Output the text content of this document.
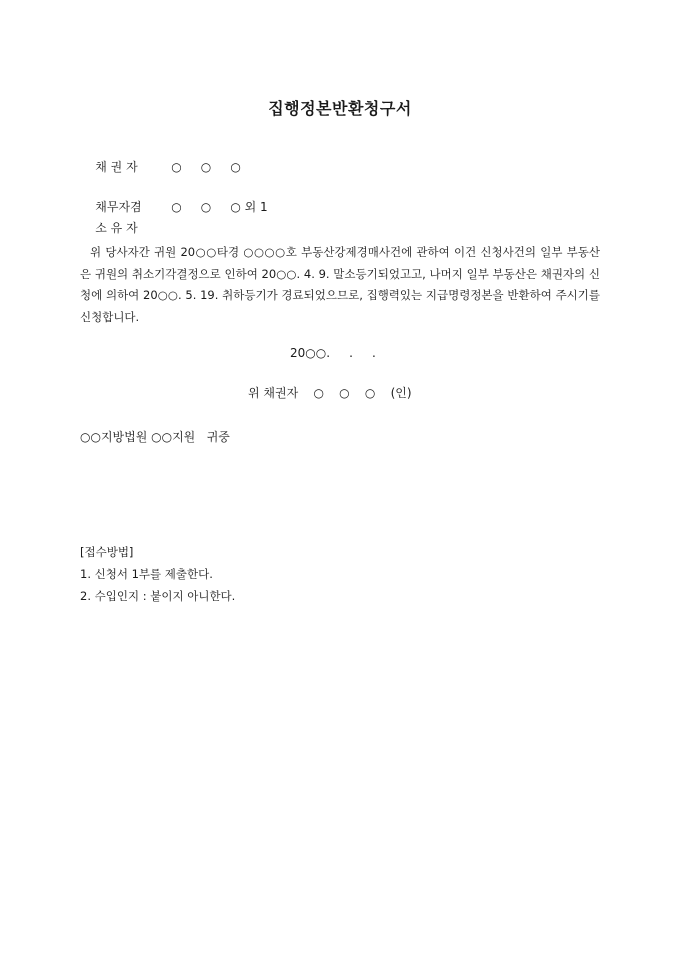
집행정본반환청구서

채 권 자	○     ○     ○

채무자겸 ○     ○     ○ 외 1

소 유 자

위 당사자간 귀원 20○○타경 ○○○○호 부동산강제경매사건에 관하여 이건 신청사건의 일부 부동산은 귀원의 취소기각결정으로 인하여 20○○. 4. 9. 말소등기되었고고, 나머지 일부 부동산은 채권자의 신청에 의하여 20○○. 5. 19. 취하등기가 경료되었으므로, 집행력있는 지급명령정본을 반환하여 주시기를 신청합니다.
20○○.     .     .
위 채권자    ○    ○    ○    (인)
○○지방법원 ○○지원   귀중
[접수방법]
1. 신청서 1부를 제출한다.
2. 수입인지 : 붙이지 아니한다.
